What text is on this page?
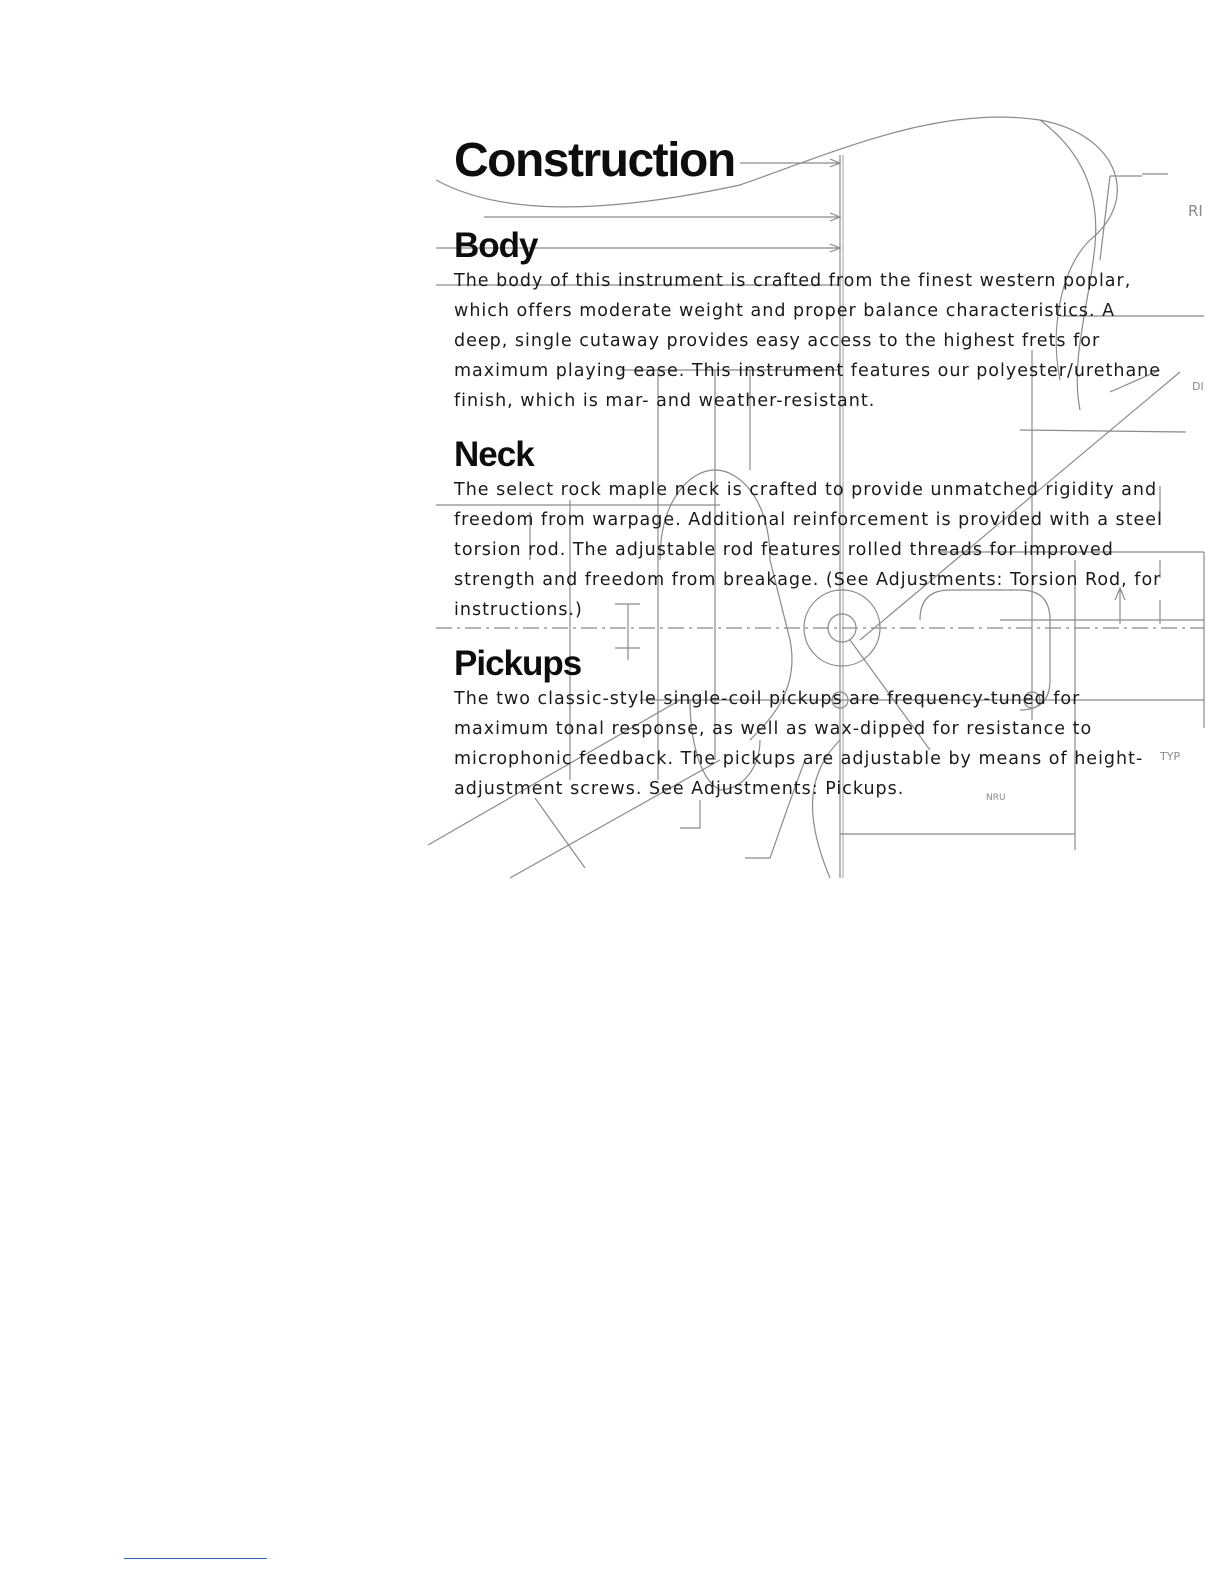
RI
DI
TYP
NRU
Construction
Body

The body of this instrument is crafted from the finest western poplar, which offers moderate weight and proper balance characteristics. A deep, single cutaway provides easy access to the highest frets for maximum playing ease. This instrument features our polyester/urethane finish, which is mar- and weather-resistant.

Neck

The select rock maple neck is crafted to provide unmatched rigidity and freedom from warpage. Additional reinforcement is provided with a steel torsion rod. The adjustable rod features rolled threads for improved strength and freedom from breakage. (See Adjustments: Torsion Rod, for instructions.)

Pickups

The two classic-style single-coil pickups are frequency-tuned for maximum tonal response, as well as wax-dipped for resistance to microphonic feedback. The pickups are adjustable by means of height-adjustment screws. See Adjustments: Pickups.
